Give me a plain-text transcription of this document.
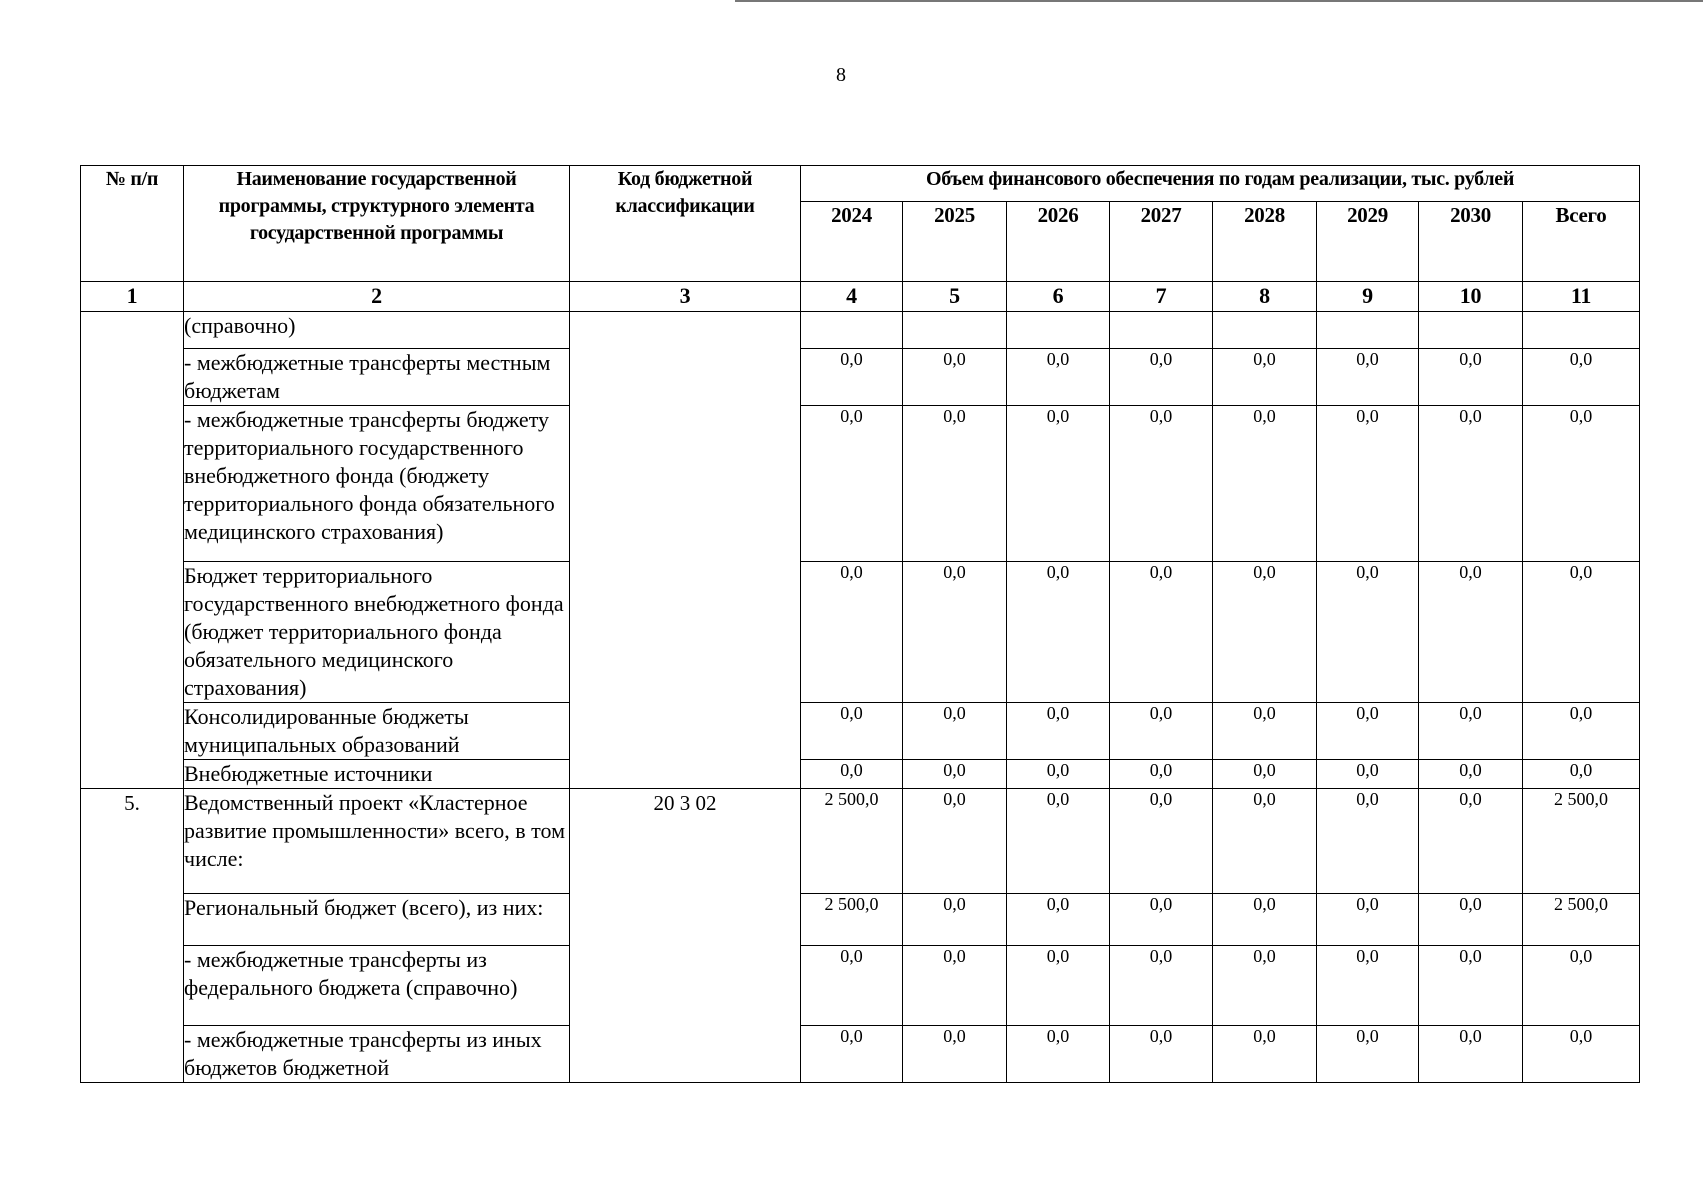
8
№ п/п	Наименование государственной программы, структурного элемента государственной программы	Код бюджетной классификации	Объем финансового обеспечения по годам реализации, тыс. рублей							
			2024	2025	2026	2027	2028	2029	2030	Всего
1	2	3	4	5	6	7	8	9	10	11
	(справочно)									
	- межбюджетные трансферты местным бюджетам		0,0	0,0	0,0	0,0	0,0	0,0	0,0	0,0
	- межбюджетные трансферты бюджету территориального государственного внебюджетного фонда (бюджету территориального фонда обязательного медицинского страхования)		0,0	0,0	0,0	0,0	0,0	0,0	0,0	0,0
	Бюджет территориального государственного внебюджетного фонда (бюджет территориального фонда обязательного медицинского страхования)		0,0	0,0	0,0	0,0	0,0	0,0	0,0	0,0
	Консолидированные бюджеты муниципальных образований		0,0	0,0	0,0	0,0	0,0	0,0	0,0	0,0
	Внебюджетные источники		0,0	0,0	0,0	0,0	0,0	0,0	0,0	0,0
5.	Ведомственный проект «Кластерное развитие промышленности» всего, в том числе:	20 3 02	2 500,0	0,0	0,0	0,0	0,0	0,0	0,0	2 500,0
	Региональный бюджет (всего), из них:		2 500,0	0,0	0,0	0,0	0,0	0,0	0,0	2 500,0
	- межбюджетные трансферты из федерального бюджета (справочно)		0,0	0,0	0,0	0,0	0,0	0,0	0,0	0,0
	- межбюджетные трансферты из иных бюджетов бюджетной		0,0	0,0	0,0	0,0	0,0	0,0	0,0	0,0
